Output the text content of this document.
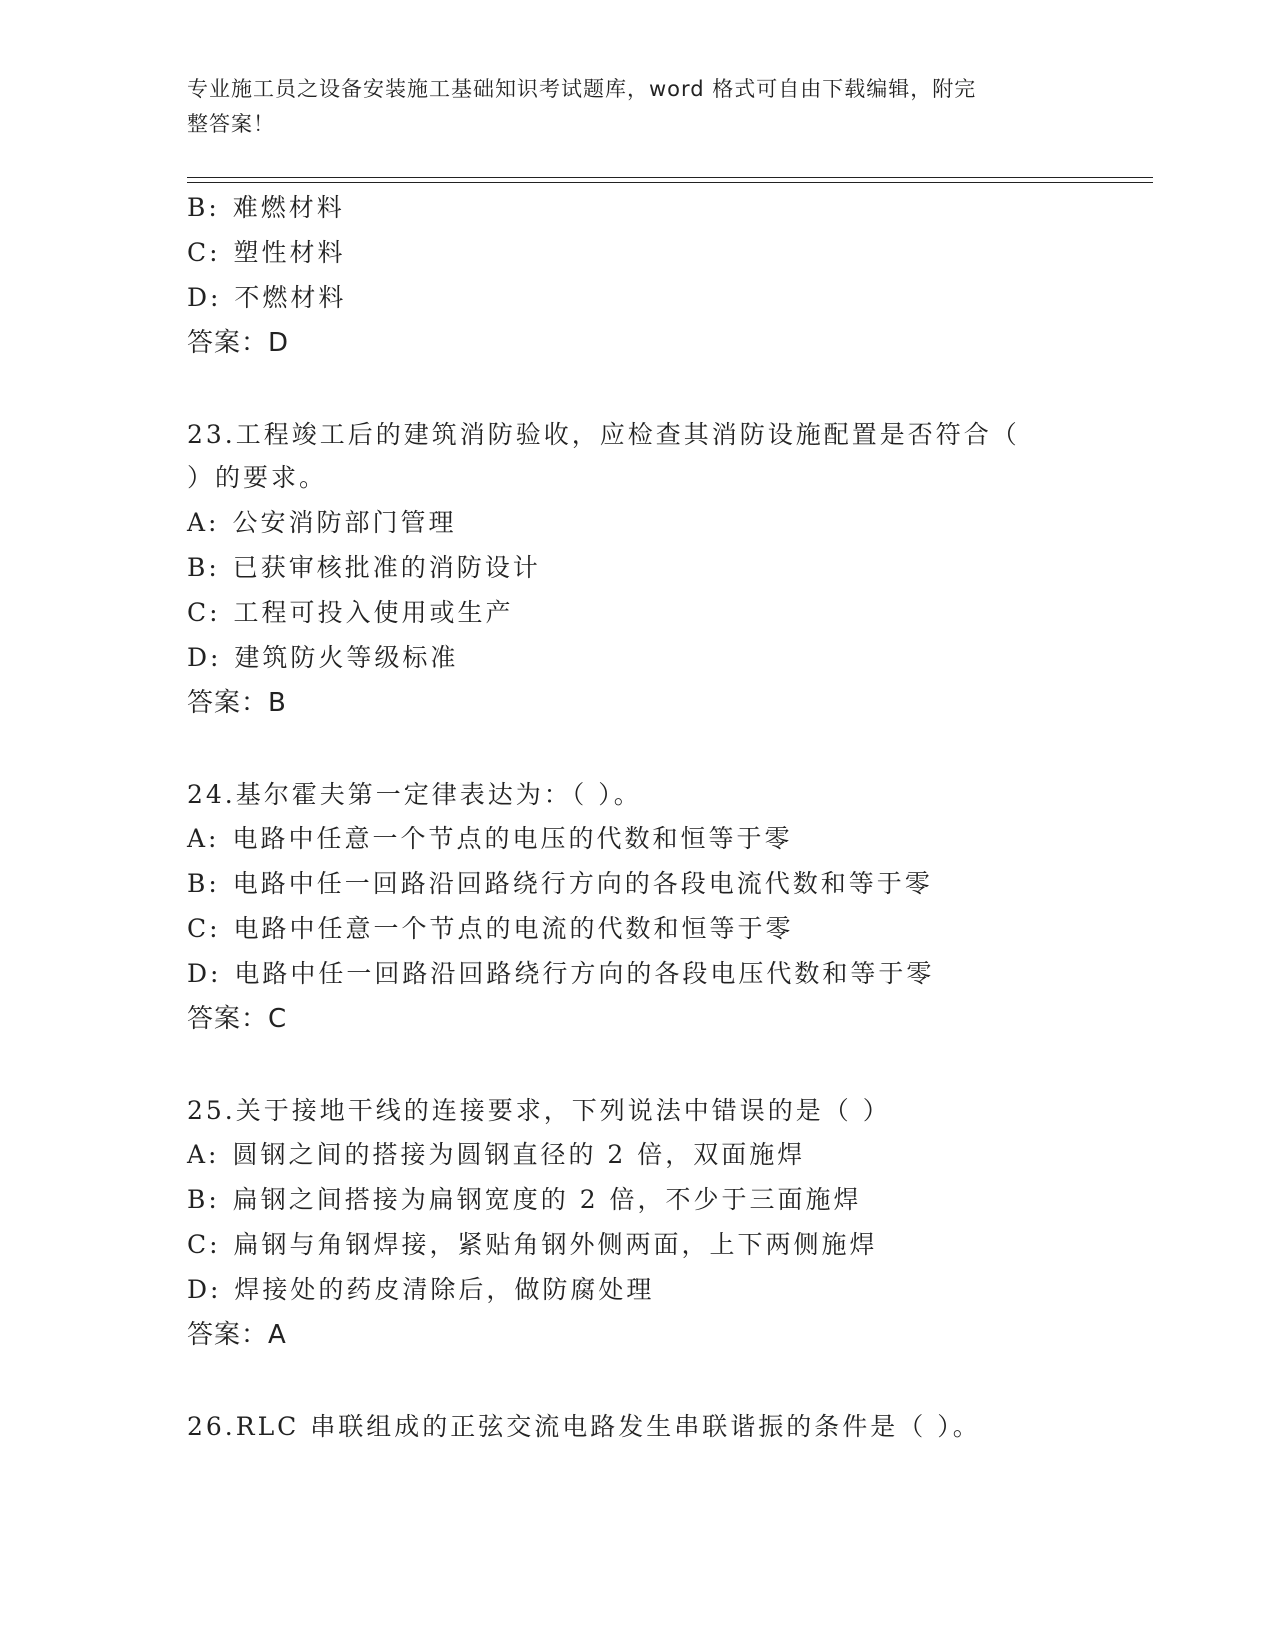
专业施工员之设备安装施工基础知识考试题库，word 格式可自由下载编辑，附完
整答案！
B: 难燃材料
C: 塑性材料
D: 不燃材料
答案：D
23.工程竣工后的建筑消防验收，应检查其消防设施配置是否符合（
）的要求。
A: 公安消防部门管理
B: 已获审核批准的消防设计
C: 工程可投入使用或生产
D: 建筑防火等级标准
答案：B
24.基尔霍夫第一定律表达为：（ ）。
A: 电路中任意一个节点的电压的代数和恒等于零
B: 电路中任一回路沿回路绕行方向的各段电流代数和等于零
C: 电路中任意一个节点的电流的代数和恒等于零
D: 电路中任一回路沿回路绕行方向的各段电压代数和等于零
答案：C
25.关于接地干线的连接要求，下列说法中错误的是（ ）
A: 圆钢之间的搭接为圆钢直径的 2 倍，双面施焊
B: 扁钢之间搭接为扁钢宽度的 2 倍，不少于三面施焊
C: 扁钢与角钢焊接，紧贴角钢外侧两面，上下两侧施焊
D: 焊接处的药皮清除后，做防腐处理
答案：A
26.RLC 串联组成的正弦交流电路发生串联谐振的条件是（ ）。
